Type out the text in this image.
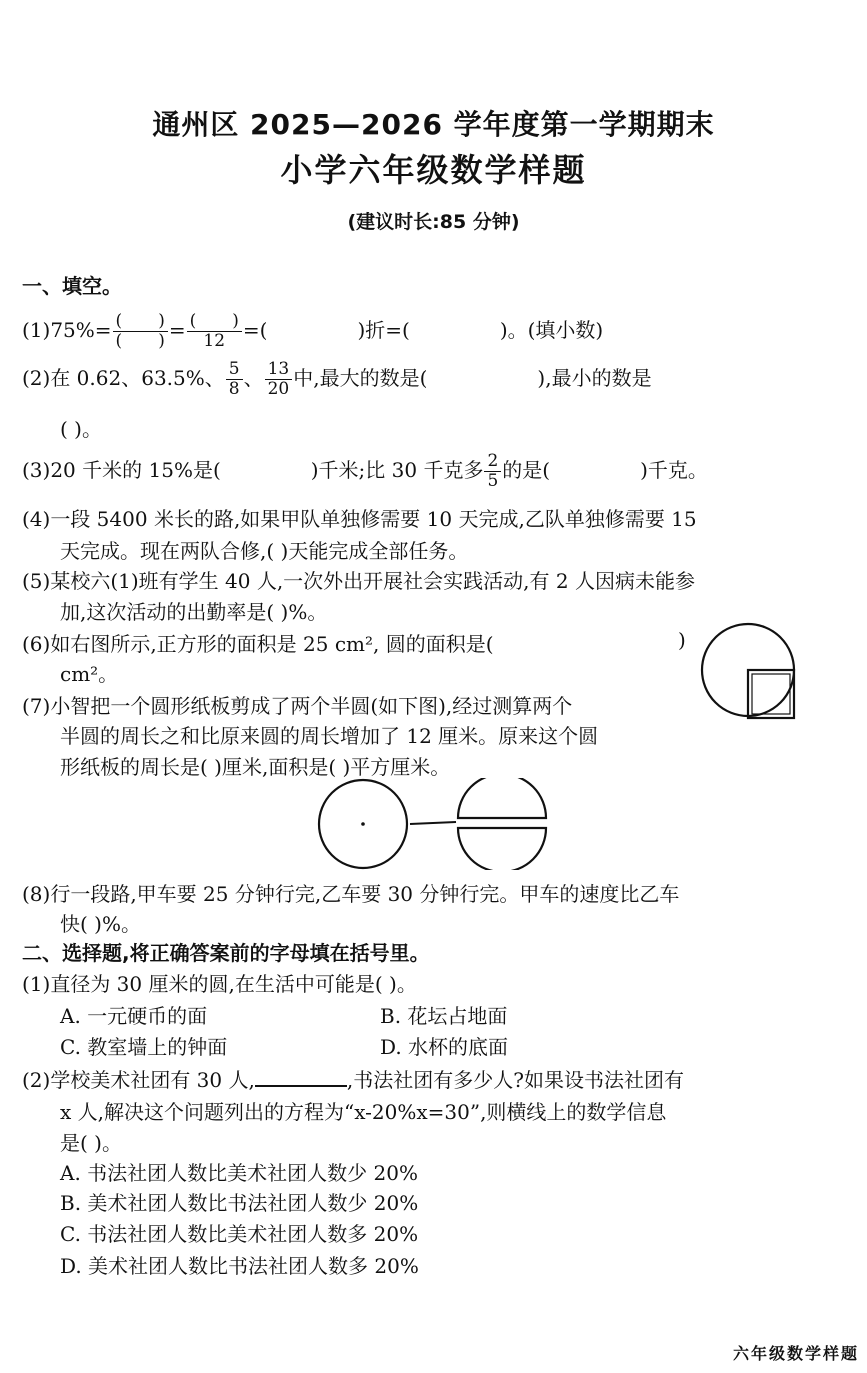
通州区 2025—2026 学年度第一学期期末
小学六年级数学样题
(建议时长:85 分钟)
一、填空。
$(1)75\%= \frac{( )}{( )} = \frac{( )}{12}$ =(	)折=(	)。(填小数)
(2)在 0.62、63.5%、 $\frac{5}{8}$ 、 $\frac{13}{20}$ 中,最大的数是(	),最小的数是
( )。
(3)20 千米的 15%是(	)千米;比 30 千克多 $\frac{2}{5}$ 的是(	)千克。
(4)一段 5400 米长的路,如果甲队单独修需要 10 天完成,乙队单独修需要 15
天完成。现在两队合修,( )天能完成全部任务。
(5)某校六(1)班有学生 40 人,一次外出开展社会实践活动,有 2 人因病未能参
加,这次活动的出勤率是( )%。
(6)如右图所示,正方形的面积是 25 cm², 圆的面积是(	)
cm²。
(7)小智把一个圆形纸板剪成了两个半圆(如下图),经过测算两个
半圆的周长之和比原来圆的周长增加了 12 厘米。原来这个圆
形纸板的周长是( )厘米,面积是( )平方厘米。
(8)行一段路,甲车要 25 分钟行完,乙车要 30 分钟行完。甲车的速度比乙车
快( )%。
二、选择题,将正确答案前的字母填在括号里。
(1)直径为 30 厘米的圆,在生活中可能是( )。
A. 一元硬币的面	B. 花坛占地面
C. 教室墙上的钟面	D. 水杯的底面
(2)学校美术社团有 30 人,	,书法社团有多少人?如果设书法社团有
x 人,解决这个问题列出的方程为“x-20%x=30”,则横线上的数学信息
是( )。
A. 书法社团人数比美术社团人数少 20%
B. 美术社团人数比书法社团人数少 20%
C. 书法社团人数比美术社团人数多 20%
D. 美术社团人数比书法社团人数多 20%
六年级数学样题
